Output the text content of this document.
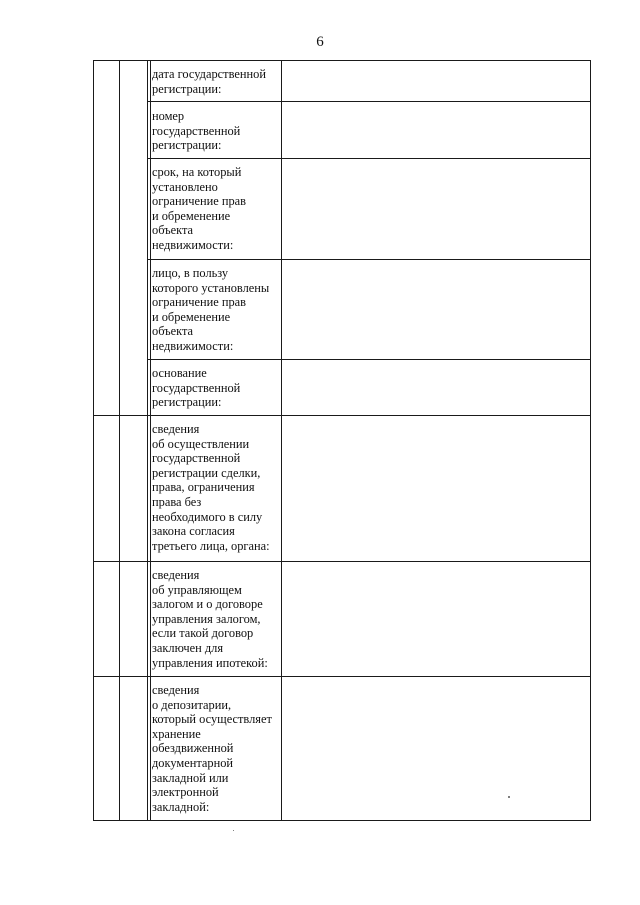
6
дата государственной
регистрации:
номер
государственной
регистрации:
срок, на который
установлено
ограничение прав
и обременение
объекта
недвижимости:
лицо, в пользу
которого установлены
ограничение прав
и обременение
объекта
недвижимости:
основание
государственной
регистрации:
сведения
об осуществлении
государственной
регистрации сделки,
права, ограничения
права без
необходимого в силу
закона согласия
третьего лица, органа:
сведения
об управляющем
залогом и о договоре
управления залогом,
если такой договор
заключен для
управления ипотекой:
сведения
о депозитарии,
который осуществляет
хранение
обездвиженной
документарной
закладной или
электронной
закладной:
